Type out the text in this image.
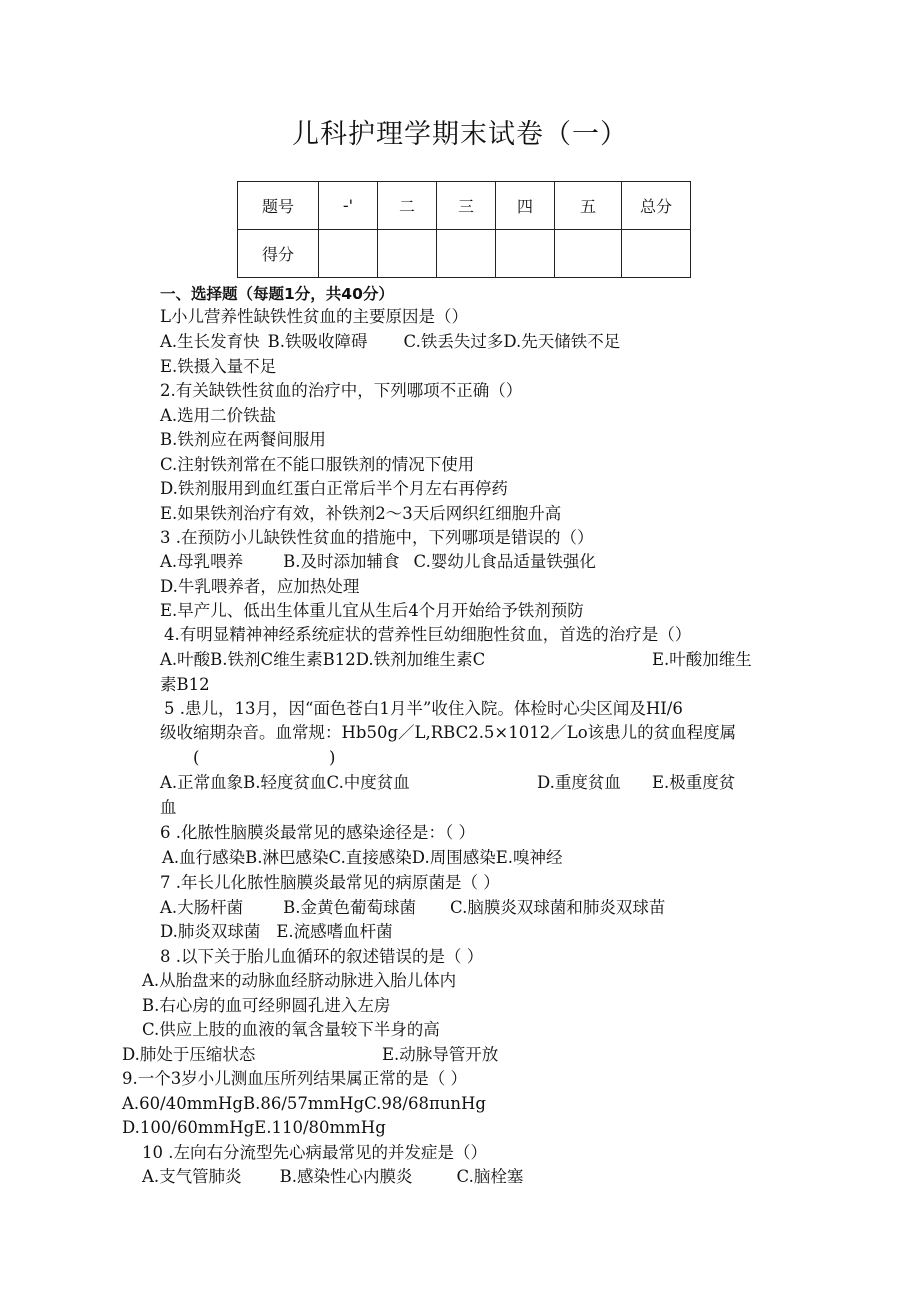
儿科护理学期末试卷（一）
题号	-'	二	三	四	五	总分
得分						
一、选择题（每题1分，共40分）
L小儿营养性缺铁性贫血的主要原因是（）
A.生长发育快 B.铁吸收障碍 C.铁丢失过多D.先天储铁不足
E.铁摄入量不足
2.有关缺铁性贫血的治疗中，下列哪项不正确（）
A.选用二价铁盐
B.铁剂应在两餐间服用
C.注射铁剂常在不能口服铁剂的情况下使用
D.铁剂服用到血红蛋白正常后半个月左右再停药
E.如果铁剂治疗有效，补铁剂2～3天后网织红细胞升高
3 .在预防小儿缺铁性贫血的措施中，下列哪项是错误的（）
A.母乳喂养 B.及时添加辅食 C.婴幼儿食品适量铁强化
D.牛乳喂养者，应加热处理
E.早产儿、低出生体重儿宜从生后4个月开始给予铁剂预防
4.有明显精神神经系统症状的营养性巨幼细胞性贫血，首选的治疗是（）
A.叶酸B.铁剂C维生素B12D.铁剂加维生素C	E.叶酸加维生
素B12
5 .患儿，13月，因“面色苍白1月半”收住入院。体检时心尖区闻及HI/6
级收缩期杂音。血常规：Hb50g／L,RBC2.5×1012／Lo该患儿的贫血程度属
(	)
A.正常血象B.轻度贫血C.中度贫血	D.重度贫血 E.极重度贫
血
6 .化脓性脑膜炎最常见的感染途径是：（ ）
A.血行感染B.淋巴感染C.直接感染D.周围感染E.嗅神经
7 .年长儿化脓性脑膜炎最常见的病原菌是（ ）
A.大肠杆菌 B.金黄色葡萄球菌 C.脑膜炎双球菌和肺炎双球苗
D.肺炎双球菌 E.流感嗜血杆菌
8 .以下关于胎儿血循环的叙述错误的是（ ）
A.从胎盘来的动脉血经脐动脉进入胎儿体内
B.右心房的血可经卵圆孔进入左房
C.供应上肢的血液的氧含量较下半身的高
D.肺处于压缩状态	E.动脉导管开放
9.一个3岁小儿测血压所列结果属正常的是（ ）
A.60/40mmHgB.86/57mmHgC.98/68πunHg
D.100/60mmHgE.110/80mmHg
10 .左向右分流型先心病最常见的并发症是（）
A.支气管肺炎 B.感染性心内膜炎	C.脑栓塞
